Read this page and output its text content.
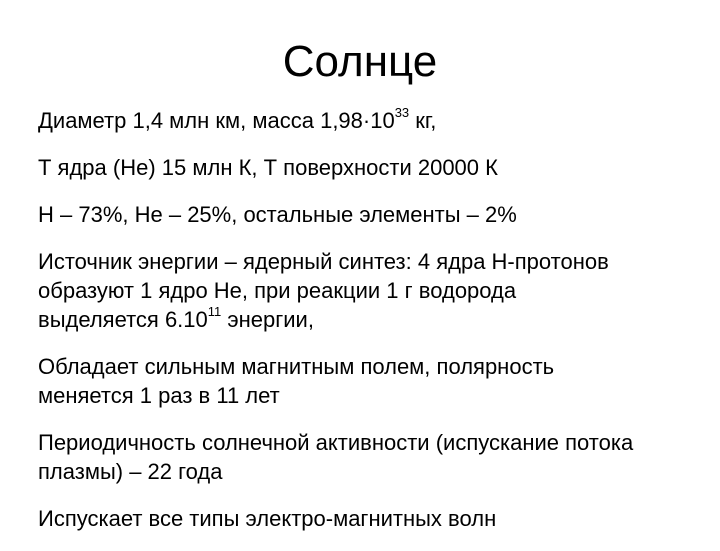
Солнце

Диаметр 1,4 млн км, масса $1,98\cdot 10^{33}$ кг,

Т ядра (Не) 15 млн К, Т поверхности 20000 К

Н – 73%, Не – 25%, остальные элементы – 2%

Источник энергии – ядерный синтез: 4 ядра Н-протонов
образуют 1 ядро Не, при реакции 1 г водорода
выделяется 6.10$^{11}$ энергии,

Обладает сильным магнитным полем, полярность
меняется 1 раз в 11 лет

Периодичность солнечной активности (испускание потока
плазмы) – 22 года

Испускает все типы электро-магнитных волн
